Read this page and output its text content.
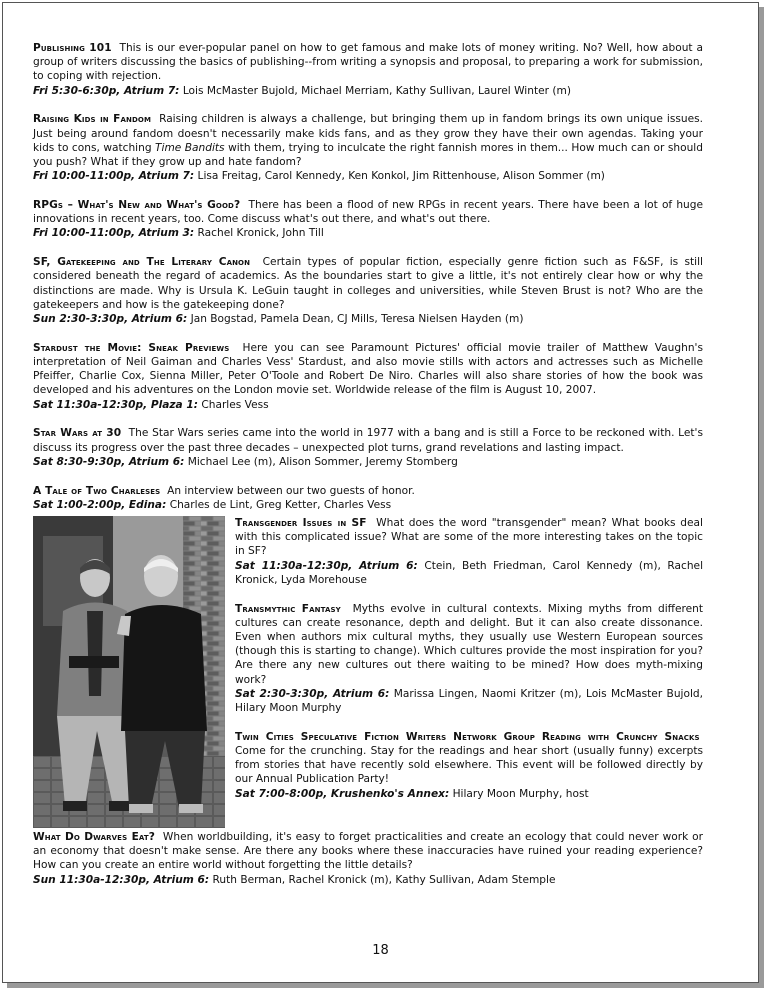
Publishing 101 This is our ever-popular panel on how to get famous and make lots of money writing. No? Well, how about a group of writers discussing the basics of publishing--from writing a synopsis and proposal, to preparing a work for submission, to coping with rejection.
Fri 5:30-6:30p, Atrium 7: Lois McMaster Bujold, Michael Merriam, Kathy Sullivan, Laurel Winter (m)
Raising Kids in Fandom Raising children is always a challenge, but bringing them up in fandom brings its own unique issues. Just being around fandom doesn't necessarily make kids fans, and as they grow they have their own agendas. Taking your kids to cons, watching Time Bandits with them, trying to inculcate the right fannish mores in them... How much can or should you push? What if they grow up and hate fandom?
Fri 10:00-11:00p, Atrium 7: Lisa Freitag, Carol Kennedy, Ken Konkol, Jim Rittenhouse, Alison Sommer (m)
RPGs – What's New and What's Good? There has been a flood of new RPGs in recent years. There have been a lot of huge innovations in recent years, too. Come discuss what's out there, and what's out there.
Fri 10:00-11:00p, Atrium 3: Rachel Kronick, John Till
SF, Gatekeeping and The Literary Canon Certain types of popular fiction, especially genre fiction such as F&SF, is still considered beneath the regard of academics. As the boundaries start to give a little, it's not entirely clear how or why the distinctions are made. Why is Ursula K. LeGuin taught in colleges and universities, while Steven Brust is not? Who are the gatekeepers and how is the gatekeeping done?
Sun 2:30-3:30p, Atrium 6: Jan Bogstad, Pamela Dean, CJ Mills, Teresa Nielsen Hayden (m)
Stardust the Movie: Sneak Previews Here you can see Paramount Pictures' official movie trailer of Matthew Vaughn's interpretation of Neil Gaiman and Charles Vess' Stardust, and also movie stills with actors and actresses such as Michelle Pfeiffer, Charlie Cox, Sienna Miller, Peter O'Toole and Robert De Niro. Charles will also share stories of how the book was developed and his adventures on the London movie set. Worldwide release of the film is August 10, 2007.
Sat 11:30a-12:30p, Plaza 1: Charles Vess
Star Wars at 30 The Star Wars series came into the world in 1977 with a bang and is still a Force to be reckoned with. Let's discuss its progress over the past three decades – unexpected plot turns, grand revelations and lasting impact.
Sat 8:30-9:30p, Atrium 6: Michael Lee (m), Alison Sommer, Jeremy Stomberg
A Tale of Two Charleses An interview between our two guests of honor.
Sat 1:00-2:00p, Edina: Charles de Lint, Greg Ketter, Charles Vess
Transgender Issues in SF What does the word "transgender" mean? What books deal with this complicated issue? What are some of the more interesting takes on the topic in SF?
Sat 11:30a-12:30p, Atrium 6: Ctein, Beth Friedman, Carol Kennedy (m), Rachel Kronick, Lyda Morehouse
Transmythic Fantasy Myths evolve in cultural contexts. Mixing myths from different cultures can create resonance, depth and delight. But it can also create dissonance. Even when authors mix cultural myths, they usually use Western European sources (though this is starting to change). Which cultures provide the most inspiration for you? Are there any new cultures out there waiting to be mined? How does myth-mixing work?
Sat 2:30-3:30p, Atrium 6: Marissa Lingen, Naomi Kritzer (m), Lois McMaster Bujold, Hilary Moon Murphy
Twin Cities Speculative Fiction Writers Network Group Reading with Crunchy Snacks  Come for the crunching. Stay for the readings and hear short (usually funny) excerpts from stories that have recently sold elsewhere. This event will be followed directly by our Annual Publication Party!
Sat 7:00-8:00p, Krushenko's Annex: Hilary Moon Murphy, host
What Do Dwarves Eat? When worldbuilding, it's easy to forget practicalities and create an ecology that could never work or an economy that doesn't make sense. Are there any books where these inaccuracies have ruined your reading experience? How can you create an entire world without forgetting the little details?
Sun 11:30a-12:30p, Atrium 6: Ruth Berman, Rachel Kronick (m), Kathy Sullivan, Adam Stemple
18
